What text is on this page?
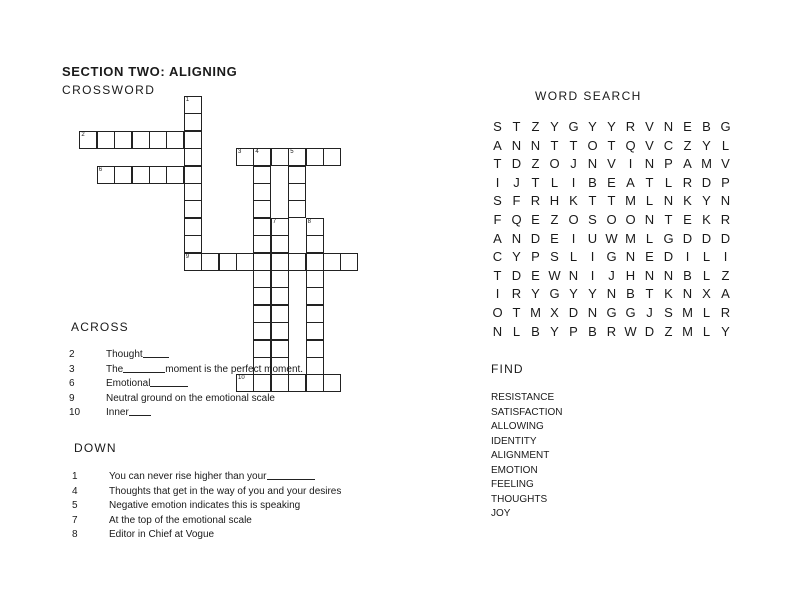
SECTION TWO: ALIGNING
CROSSWORD	WORD SEARCH
1
2
3 4	5
6
8
9
10
7
ACROSS
2	Thought
3	The	moment is the perfect moment.
6	Emotional
9	Neutral ground on the emotional scale
10	Inner
DOWN
1	You can never rise higher than your
4	Thoughts that get in the way of you and your desires
5	Negative emotion indicates this is speaking
7	At the top of the emotional scale
8	Editor in Chief at Vogue
S T Z Y G Y Y R V N E B G
A N N T T O T Q V C Z Y L
T D Z O J N V I N P A M V
I	J T L	I B E A T L R D P
S F R H K T T M L N K Y N
F Q E Z O S O O N T E K R
A N D E I U W M L G D D D
C Y P S L	I G N E D I	L	I
T D E W N I	J H N N B L Z
I R Y G Y Y N B T K N X A
O T M X D N G G J S M L R
N L B Y P B R W D Z M L Y
FIND
RESISTANCE
SATISFACTION
ALLOWING
IDENTITY
ALIGNMENT
EMOTION
FEELING
THOUGHTS
JOY
